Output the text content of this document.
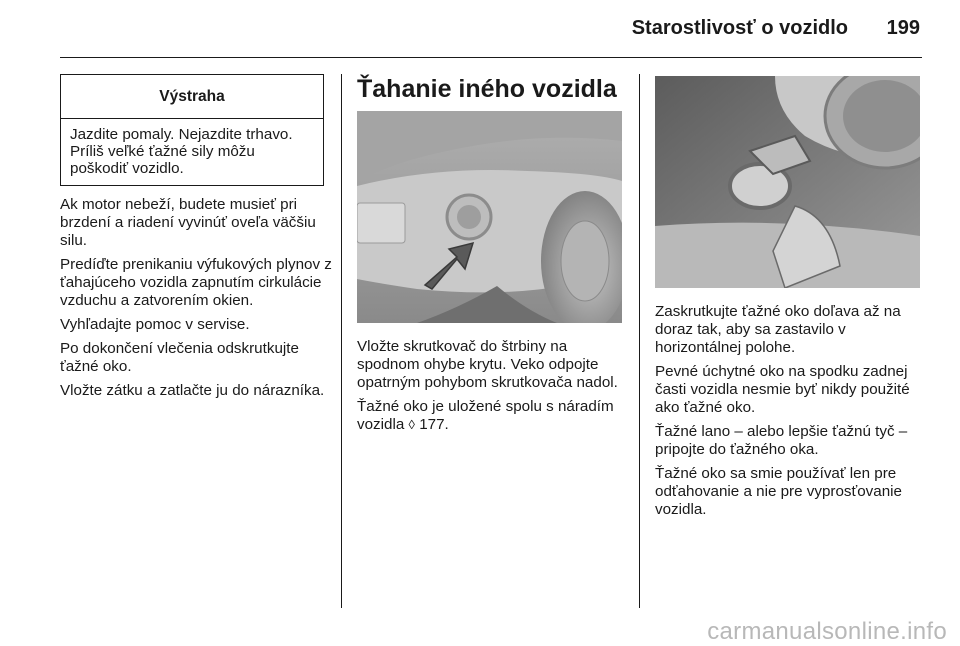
Starostlivosť o vozidlo	199
Výstraha
Jazdite pomaly. Nejazdite trhavo. Príliš veľké ťažné sily môžu poškodiť vozidlo.

Ak motor nebeží, budete musieť pri brzdení a riadení vyvinúť oveľa väčšiu silu.

Predíďte prenikaniu výfukových plynov z ťahajúceho vozidla zapnutím cirkulácie vzduchu a zatvorením okien.

Vyhľadajte pomoc v servise.

Po dokončení vlečenia odskrutkujte ťažné oko.

Vložte zátku a zatlačte ju do nárazníka.

Ťahanie iného vozidla

Vložte skrutkovač do štrbiny na spodnom ohybe krytu. Veko odpojte opatrným pohybom skrutkovača nadol.

Ťažné oko je uložené spolu s náradím vozidla ◊ 177.

Zaskrutkujte ťažné oko doľava až na doraz tak, aby sa zastavilo v horizontálnej polohe.

Pevné úchytné oko na spodku zadnej časti vozidla nesmie byť nikdy použité ako ťažné oko.

Ťažné lano – alebo lepšie ťažnú tyč – pripojte do ťažného oka.

Ťažné oko sa smie používať len pre odťahovanie a nie pre vyprosťovanie vozidla.

carmanualsonline.info
